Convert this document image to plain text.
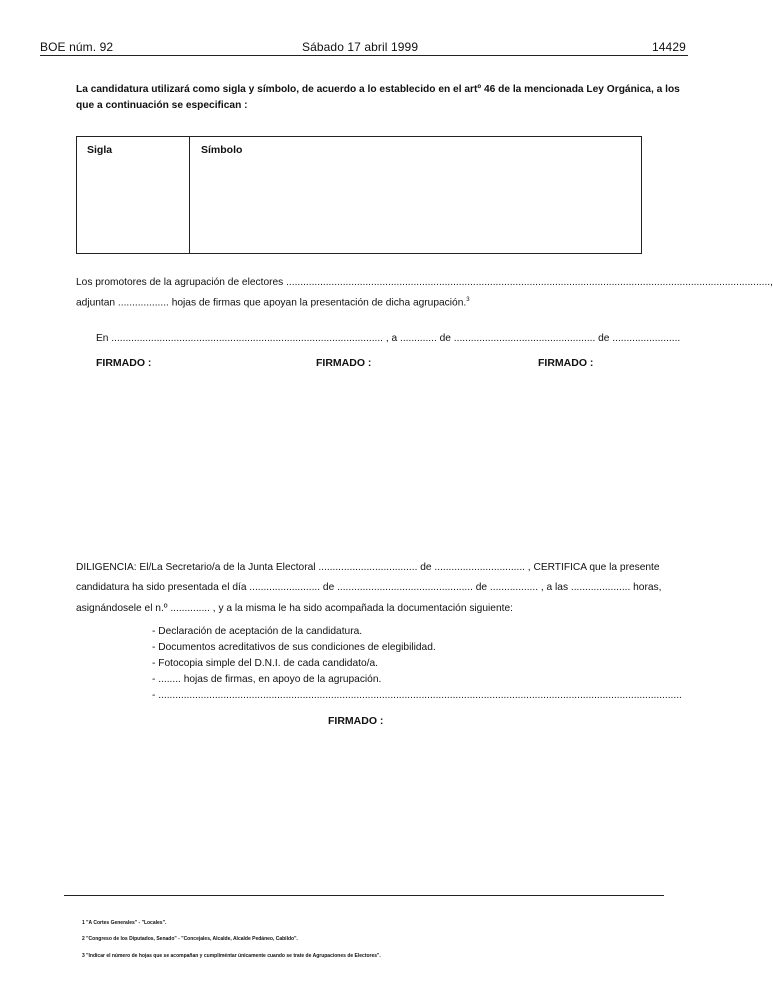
BOE núm. 92	Sábado 17 abril 1999	14429
La candidatura utilizará como sigla y símbolo, de acuerdo a lo establecido en el artº 46 de la mencionada Ley Orgánica, a los
que a continuación se especifican :
Sigla	Símbolo
Los promotores de la agrupación de electores ...........................................................................................................................................................................,
adjuntan .................. hojas de firmas que apoyan la presentación de dicha agrupación.$^3$
En ................................................................................................ , a ............. de .................................................. de ........................
FIRMADO :	FIRMADO :	FIRMADO :
DILIGENCIA: El/La Secretario/a de la Junta Electoral ................................... de ................................ , CERTIFICA que la presente
candidatura ha sido presentada el día ......................... de ................................................ de ................. , a las ..................... horas,
asignándosele el n.º .............. , y a la misma le ha sido acompañada la documentación siguiente:
- Declaración de aceptación de la candidatura.
- Documentos acreditativos de sus condiciones de elegibilidad.
- Fotocopia simple del D.N.I. de cada candidato/a.
- ........ hojas de firmas, en apoyo de la agrupación.
- .........................................................................................................................................................................................
FIRMADO :
1 "A Cortes Generales" - "Locales".
2 "Congreso de los Diputados, Senado" - "Concejales, Alcalde, Alcalde Pedáneo, Cabildo".
3 "Indicar el número de hojas que se acompañan y cumpliméntar únicamente cuando se trate de Agrupaciones de Electores".
